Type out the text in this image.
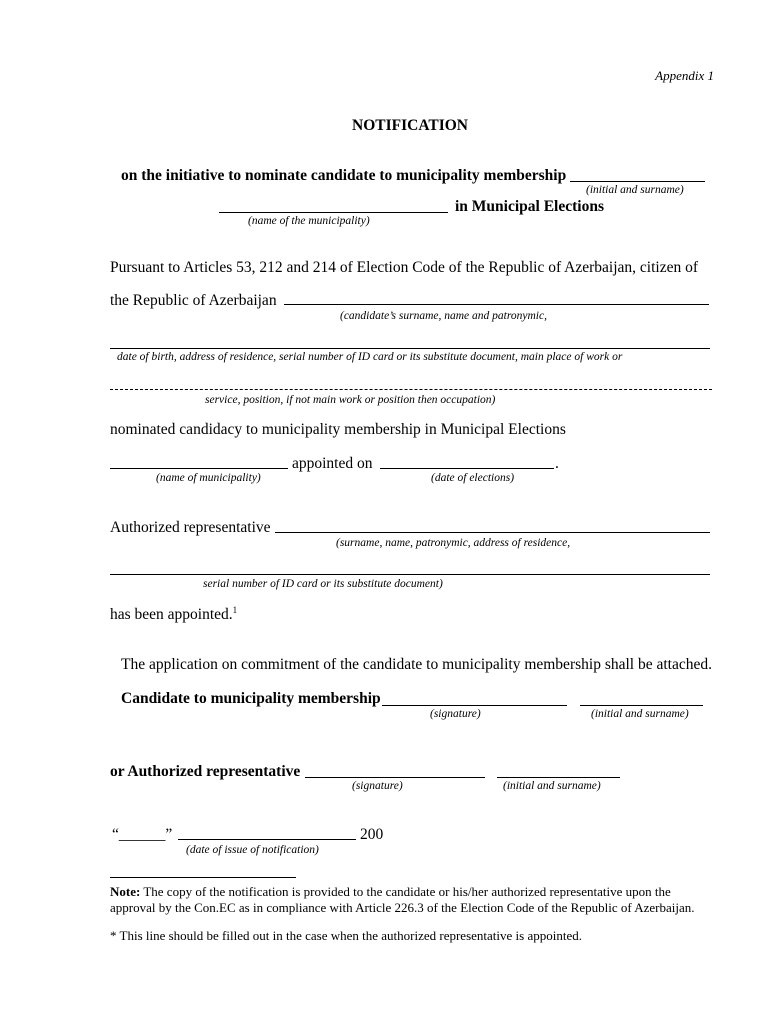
Appendix 1
NOTIFICATION
on the initiative to nominate candidate to municipality membership
(initial and surname)
in Municipal Elections
(name of the municipality)
Pursuant to Articles 53, 212 and 214 of Election Code of the Republic of Azerbaijan, citizen of
the Republic of Azerbaijan
(candidate’s surname, name and patronymic,
date of birth, address of residence, serial number of ID card or its substitute document, main place of work or
service, position, if not main work or position then occupation)
nominated candidacy to municipality membership in Municipal Elections
appointed on	.
(name of municipality)	(date of elections)
Authorized representative
(surname, name, patronymic, address of residence,
serial number of ID card or its substitute document)
has been appointed.$^1$
The application on commitment of the candidate to municipality membership shall be attached.
Candidate to municipality membership
(signature)	(initial and surname)
or Authorized representative
(signature)	(initial and surname)
“______”	200
(date of issue of notification)
Note: The copy of the notification is provided to the candidate or his/her authorized representative upon the
approval by the Con.EC as in compliance with Article 226.3 of the Election Code of the Republic of Azerbaijan.
* This line should be filled out in the case when the authorized representative is appointed.
